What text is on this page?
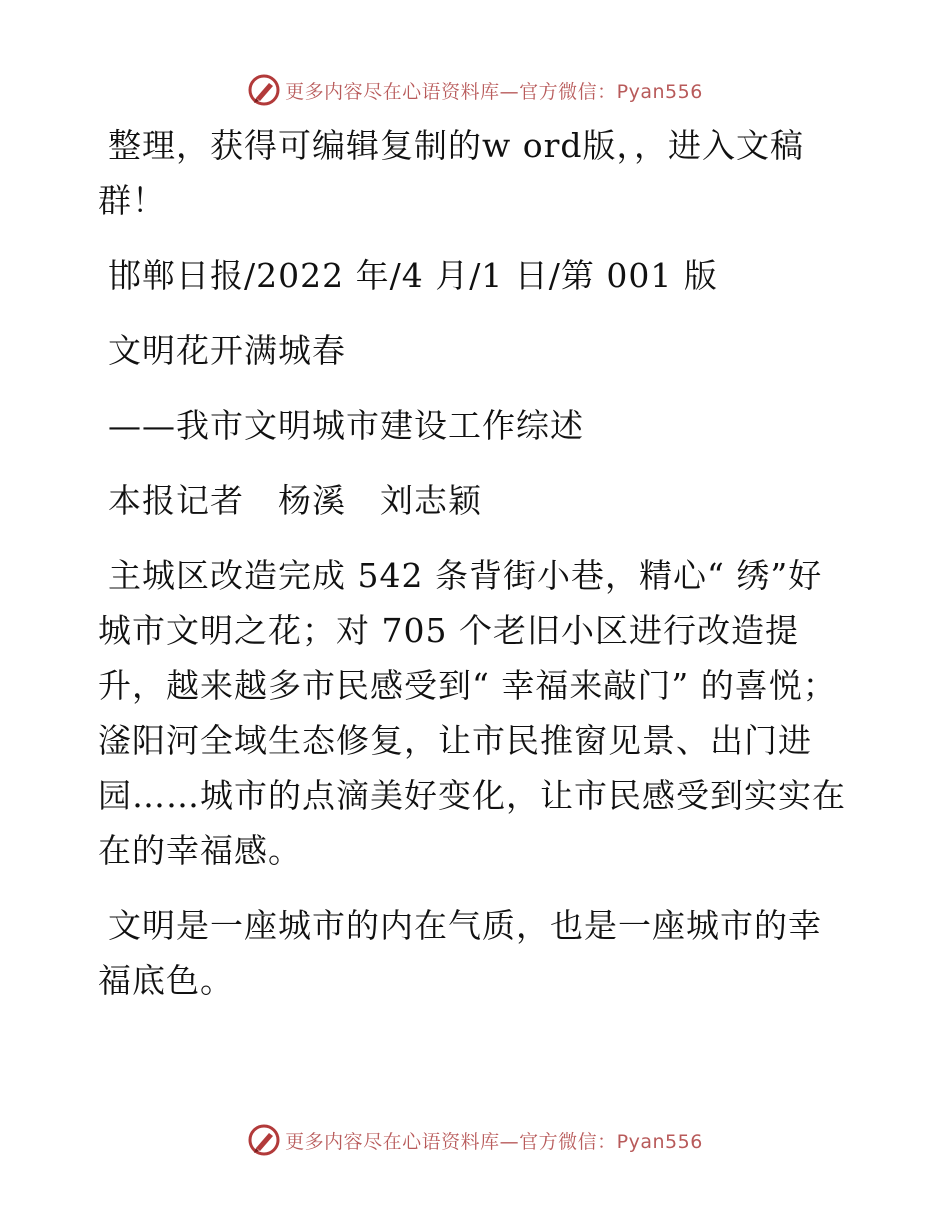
更多内容尽在心语资料库—官方微信：Pyan556

整理，获得可编辑复制的w ord版，，进入文稿群！

邯郸日报/2022 年/4 月/1 日/第 001 版

文明花开满城春

——我市文明城市建设工作综述

本报记者　杨溪　刘志颖

主城区改造完成 542 条背街小巷，精心“ 绣”好城市文明之花；对 705 个老旧小区进行改造提升，越来越多市民感受到“ 幸福来敲门” 的喜悦；滏阳河全域生态修复，让市民推窗见景、出门进园……城市的点滴美好变化，让市民感受到实实在在的幸福感。

文明是一座城市的内在气质，也是一座城市的幸福底色。

更多内容尽在心语资料库—官方微信：Pyan556
